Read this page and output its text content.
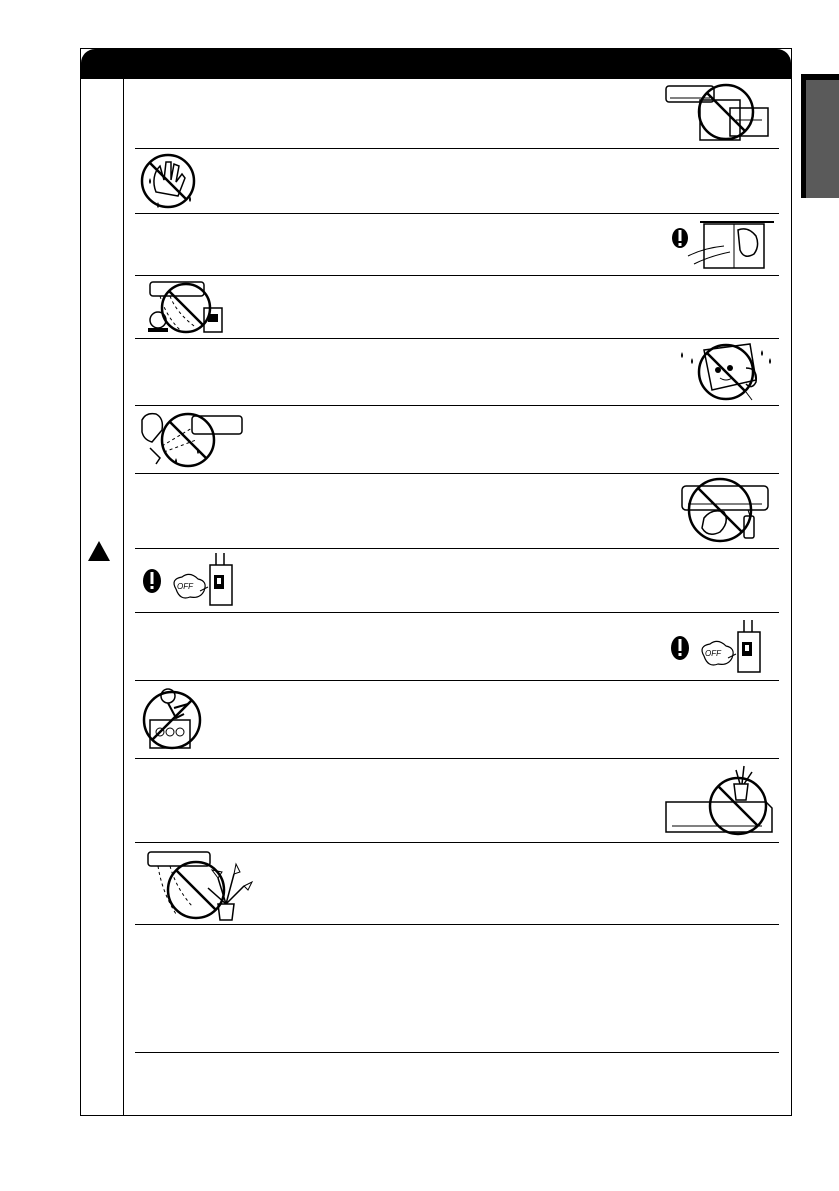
OFF
OFF
